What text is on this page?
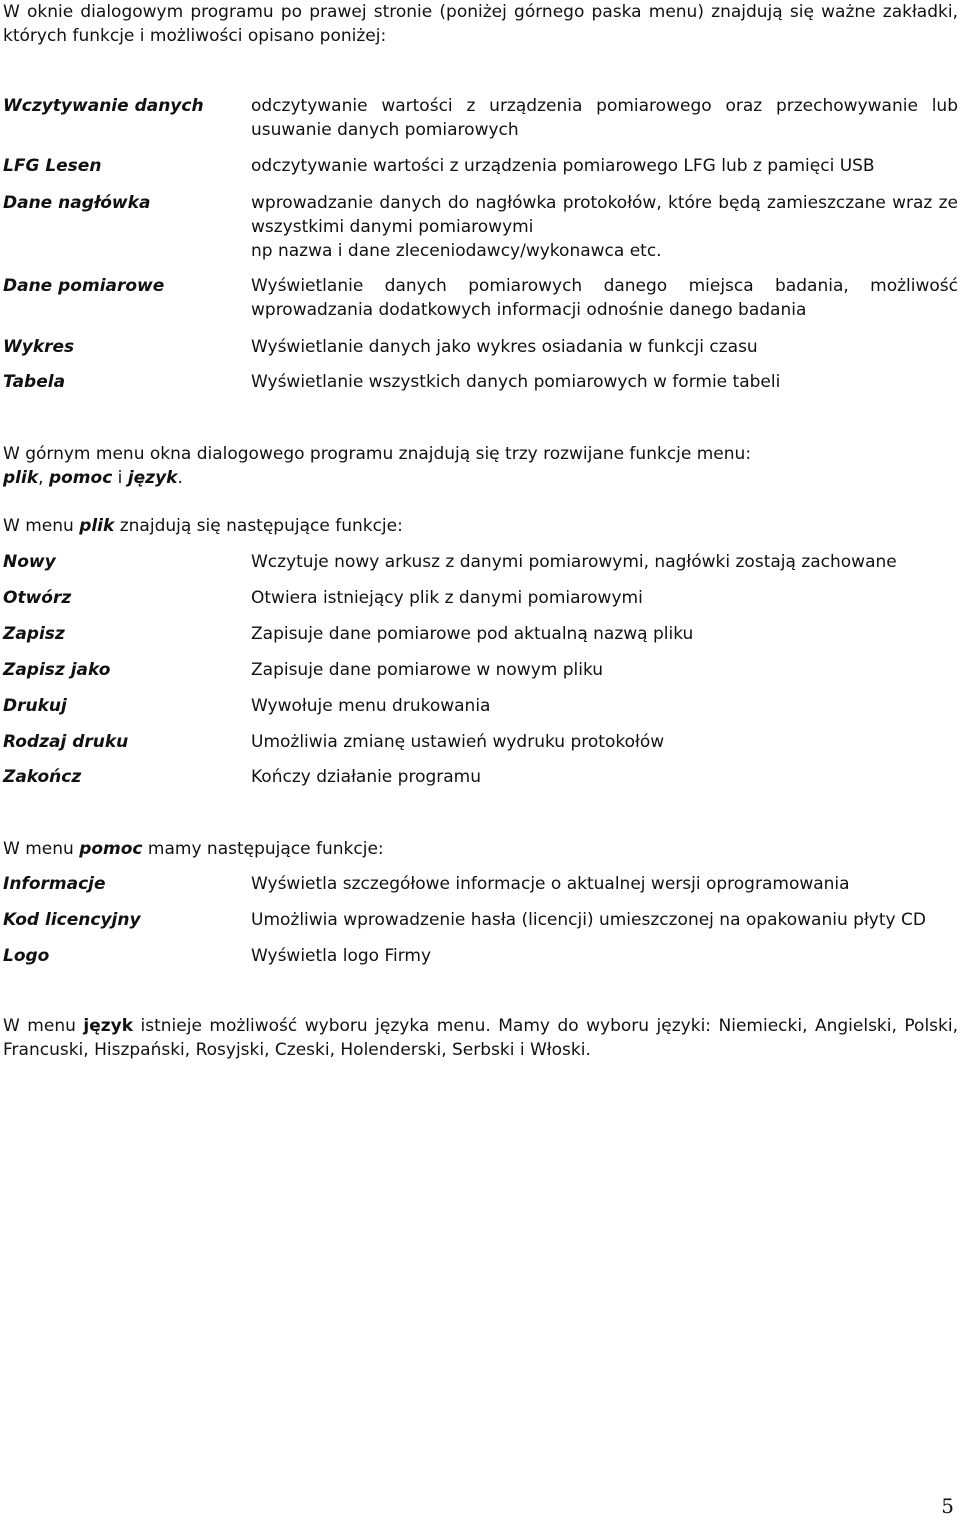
W oknie dialogowym programu po prawej stronie (poniżej górnego paska menu) znajdują się ważne zakładki, których funkcje i możliwości opisano poniżej:

Wczytywanie danych	odczytywanie wartości z urządzenia pomiarowego oraz przechowywanie lub usuwanie danych pomiarowych
LFG Lesen	odczytywanie wartości z urządzenia pomiarowego LFG lub z pamięci USB
Dane nagłówka	wprowadzanie danych do nagłówka protokołów, które będą zamieszczane wraz ze wszystkimi danymi pomiarowymi
np nazwa i dane zleceniodawcy/wykonawca etc.
Dane pomiarowe	Wyświetlanie danych pomiarowych danego miejsca badania, możliwość wprowadzania dodatkowych informacji odnośnie danego badania
Wykres	Wyświetlanie danych jako wykres osiadania w funkcji czasu
Tabela	Wyświetlanie wszystkich danych pomiarowych w formie tabeli
W górnym menu okna dialogowego programu znajdują się trzy rozwijane funkcje menu:
plik, pomoc i język.
W menu plik znajdują się następujące funkcje:
Nowy	Wczytuje nowy arkusz z danymi pomiarowymi, nagłówki zostają zachowane
Otwórz	Otwiera istniejący plik z danymi pomiarowymi
Zapisz	Zapisuje dane pomiarowe pod aktualną nazwą pliku
Zapisz jako	Zapisuje dane pomiarowe w nowym pliku
Drukuj	Wywołuje menu drukowania
Rodzaj druku	Umożliwia zmianę ustawień wydruku protokołów
Zakończ	Kończy działanie programu
W menu pomoc mamy następujące funkcje:
Informacje	Wyświetla szczegółowe informacje o aktualnej wersji oprogramowania
Kod licencyjny	Umożliwia wprowadzenie hasła (licencji) umieszczonej na opakowaniu płyty CD
Logo	Wyświetla logo Firmy

W menu język istnieje możliwość wyboru języka menu. Mamy do wyboru języki: Niemiecki, Angielski, Polski, Francuski, Hiszpański, Rosyjski, Czeski, Holenderski, Serbski i Włoski.

5
